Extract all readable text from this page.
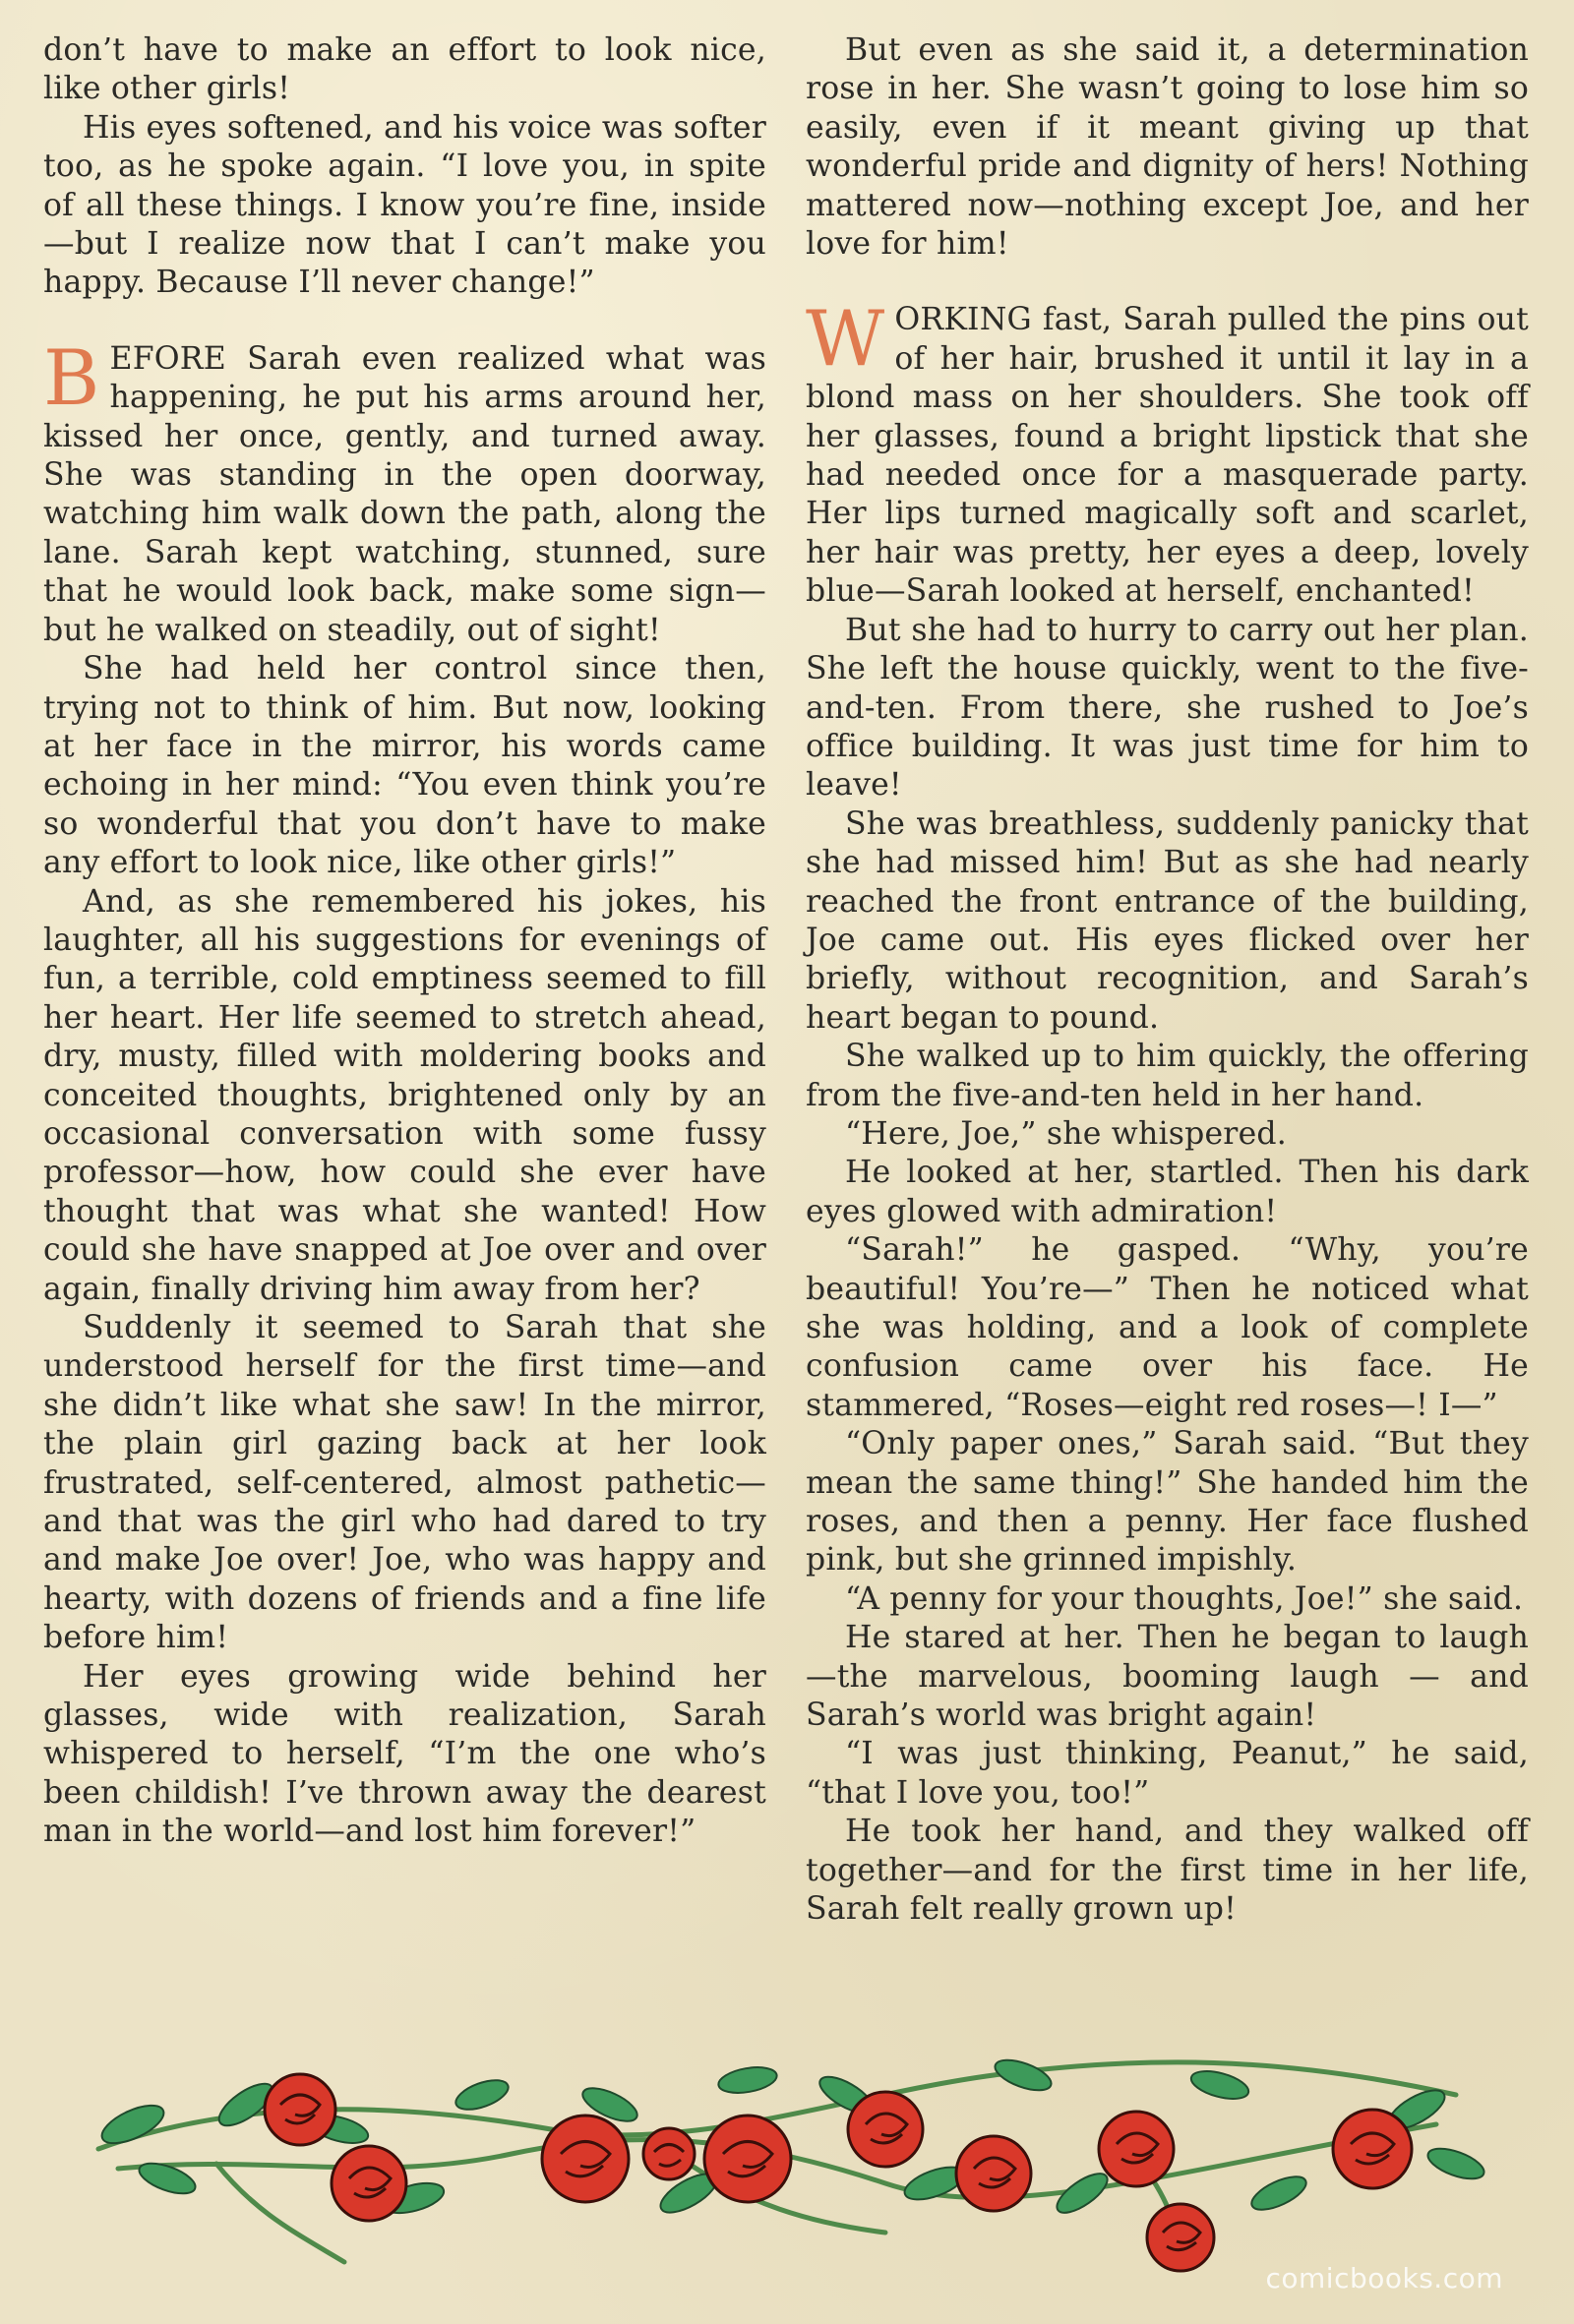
don’t have to make an effort to look nice, like other girls!

His eyes softened, and his voice was softer too, as he spoke again. “I love you, in spite of all these things. I know you’re fine, inside—but I realize now that I can’t make you happy. Because I’ll never change!”

BEFORE Sarah even realized what was happening, he put his arms around her, kissed her once, gently, and turned away. She was standing in the open doorway, watching him walk down the path, along the lane. Sarah kept watching, stunned, sure that he would look back, make some sign—but he walked on steadily, out of sight!

She had held her control since then, trying not to think of him. But now, looking at her face in the mirror, his words came echoing in her mind: “You even think you’re so wonderful that you don’t have to make any effort to look nice, like other girls!”

And, as she remembered his jokes, his laughter, all his suggestions for evenings of fun, a terrible, cold emptiness seemed to fill her heart. Her life seemed to stretch ahead, dry, musty, filled with moldering books and conceited thoughts, brightened only by an occasional conversation with some fussy professor—how, how could she ever have thought that was what she wanted! How could she have snapped at Joe over and over again, finally driving him away from her?

Suddenly it seemed to Sarah that she understood herself for the first time—and she didn’t like what she saw! In the mirror, the plain girl gazing back at her look frustrated, self-centered, almost pathetic—and that was the girl who had dared to try and make Joe over! Joe, who was happy and hearty, with dozens of friends and a fine life before him!

Her eyes growing wide behind her glasses, wide with realization, Sarah whispered to herself, “I’m the one who’s been childish! I’ve thrown away the dearest man in the world—and lost him forever!”

But even as she said it, a determination rose in her. She wasn’t going to lose him so easily, even if it meant giving up that wonderful pride and dignity of hers! Nothing mattered now—nothing except Joe, and her love for him!

WORKING fast, Sarah pulled the pins out of her hair, brushed it until it lay in a blond mass on her shoulders. She took off her glasses, found a bright lipstick that she had needed once for a masquerade party. Her lips turned magically soft and scarlet, her hair was pretty, her eyes a deep, lovely blue—Sarah looked at herself, enchanted!

But she had to hurry to carry out her plan. She left the house quickly, went to the five-and-ten. From there, she rushed to Joe’s office building. It was just time for him to leave!

She was breathless, suddenly panicky that she had missed him! But as she had nearly reached the front entrance of the building, Joe came out. His eyes flicked over her briefly, without recognition, and Sarah’s heart began to pound.

She walked up to him quickly, the offering from the five-and-ten held in her hand.

“Here, Joe,” she whispered.

He looked at her, startled. Then his dark eyes glowed with admiration!

“Sarah!” he gasped. “Why, you’re beautiful! You’re—” Then he noticed what she was holding, and a look of complete confusion came over his face. He stammered, “Roses—eight red roses—! I—”

“Only paper ones,” Sarah said. “But they mean the same thing!” She handed him the roses, and then a penny. Her face flushed pink, but she grinned impishly.

“A penny for your thoughts, Joe!” she said.

He stared at her. Then he began to laugh —the marvelous, booming laugh — and Sarah’s world was bright again!

“I was just thinking, Peanut,” he said, “that I love you, too!”

He took her hand, and they walked off together—and for the first time in her life, Sarah felt really grown up!

comicbooks.com
